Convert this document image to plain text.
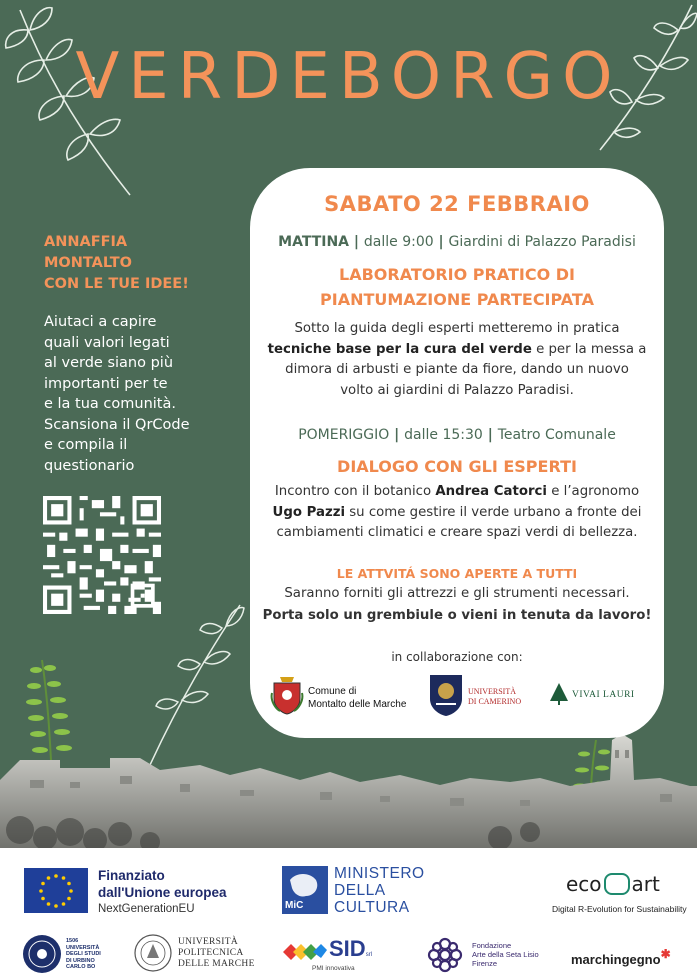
VERDEBORGO
ANNAFFIA
MONTALTO
CON LE TUE IDEE!
Aiutaci a capire
quali valori legati
al verde siano più
importanti per te
e la tua comunità.
Scansiona il QrCode
e compila il
questionario
SABATO 22 FEBBRAIO
MATTINA | dalle 9:00 | Giardini di Palazzo Paradisi
LABORATORIO PRATICO DI
PIANTUMAZIONE PARTECIPATA
Sotto la guida degli esperti metteremo in pratica
tecniche base per la cura del verde e per la messa a
dimora di arbusti e piante da fiore, dando un nuovo
volto ai giardini di Palazzo Paradisi.
POMERIGGIO | dalle 15:30 | Teatro Comunale
DIALOGO CON GLI ESPERTI
Incontro con il botanico Andrea Catorci e l’agronomo
Ugo Pazzi su come gestire il verde urbano a fronte dei
cambiamenti climatici e creare spazi verdi di bellezza.
LE ATTVITÁ SONO APERTE A TUTTI
Saranno forniti gli attrezzi e gli strumenti necessari.
Porta solo un grembiule o vieni in tenuta da lavoro!
in collaborazione con:
Comune di
Montalto delle Marche
UNIVERSITÀ
DI CAMERINO
VIVAI LAURI
Finanziato
dall'Unione europea
NextGenerationEU	MiC
MINISTERO
DELLA
CULTURA
eco art
Digital R-Evolution for Sustainability
1506
UNIVERSITÀ
DEGLI STUDI
DI URBINO
CARLO BO
UNIVERSITÀ
POLITECNICA
DELLE MARCHE
SIDsrl
PMI innovativa
Fondazione
Arte della Seta Lisio
Firenze	marchingegno✱
